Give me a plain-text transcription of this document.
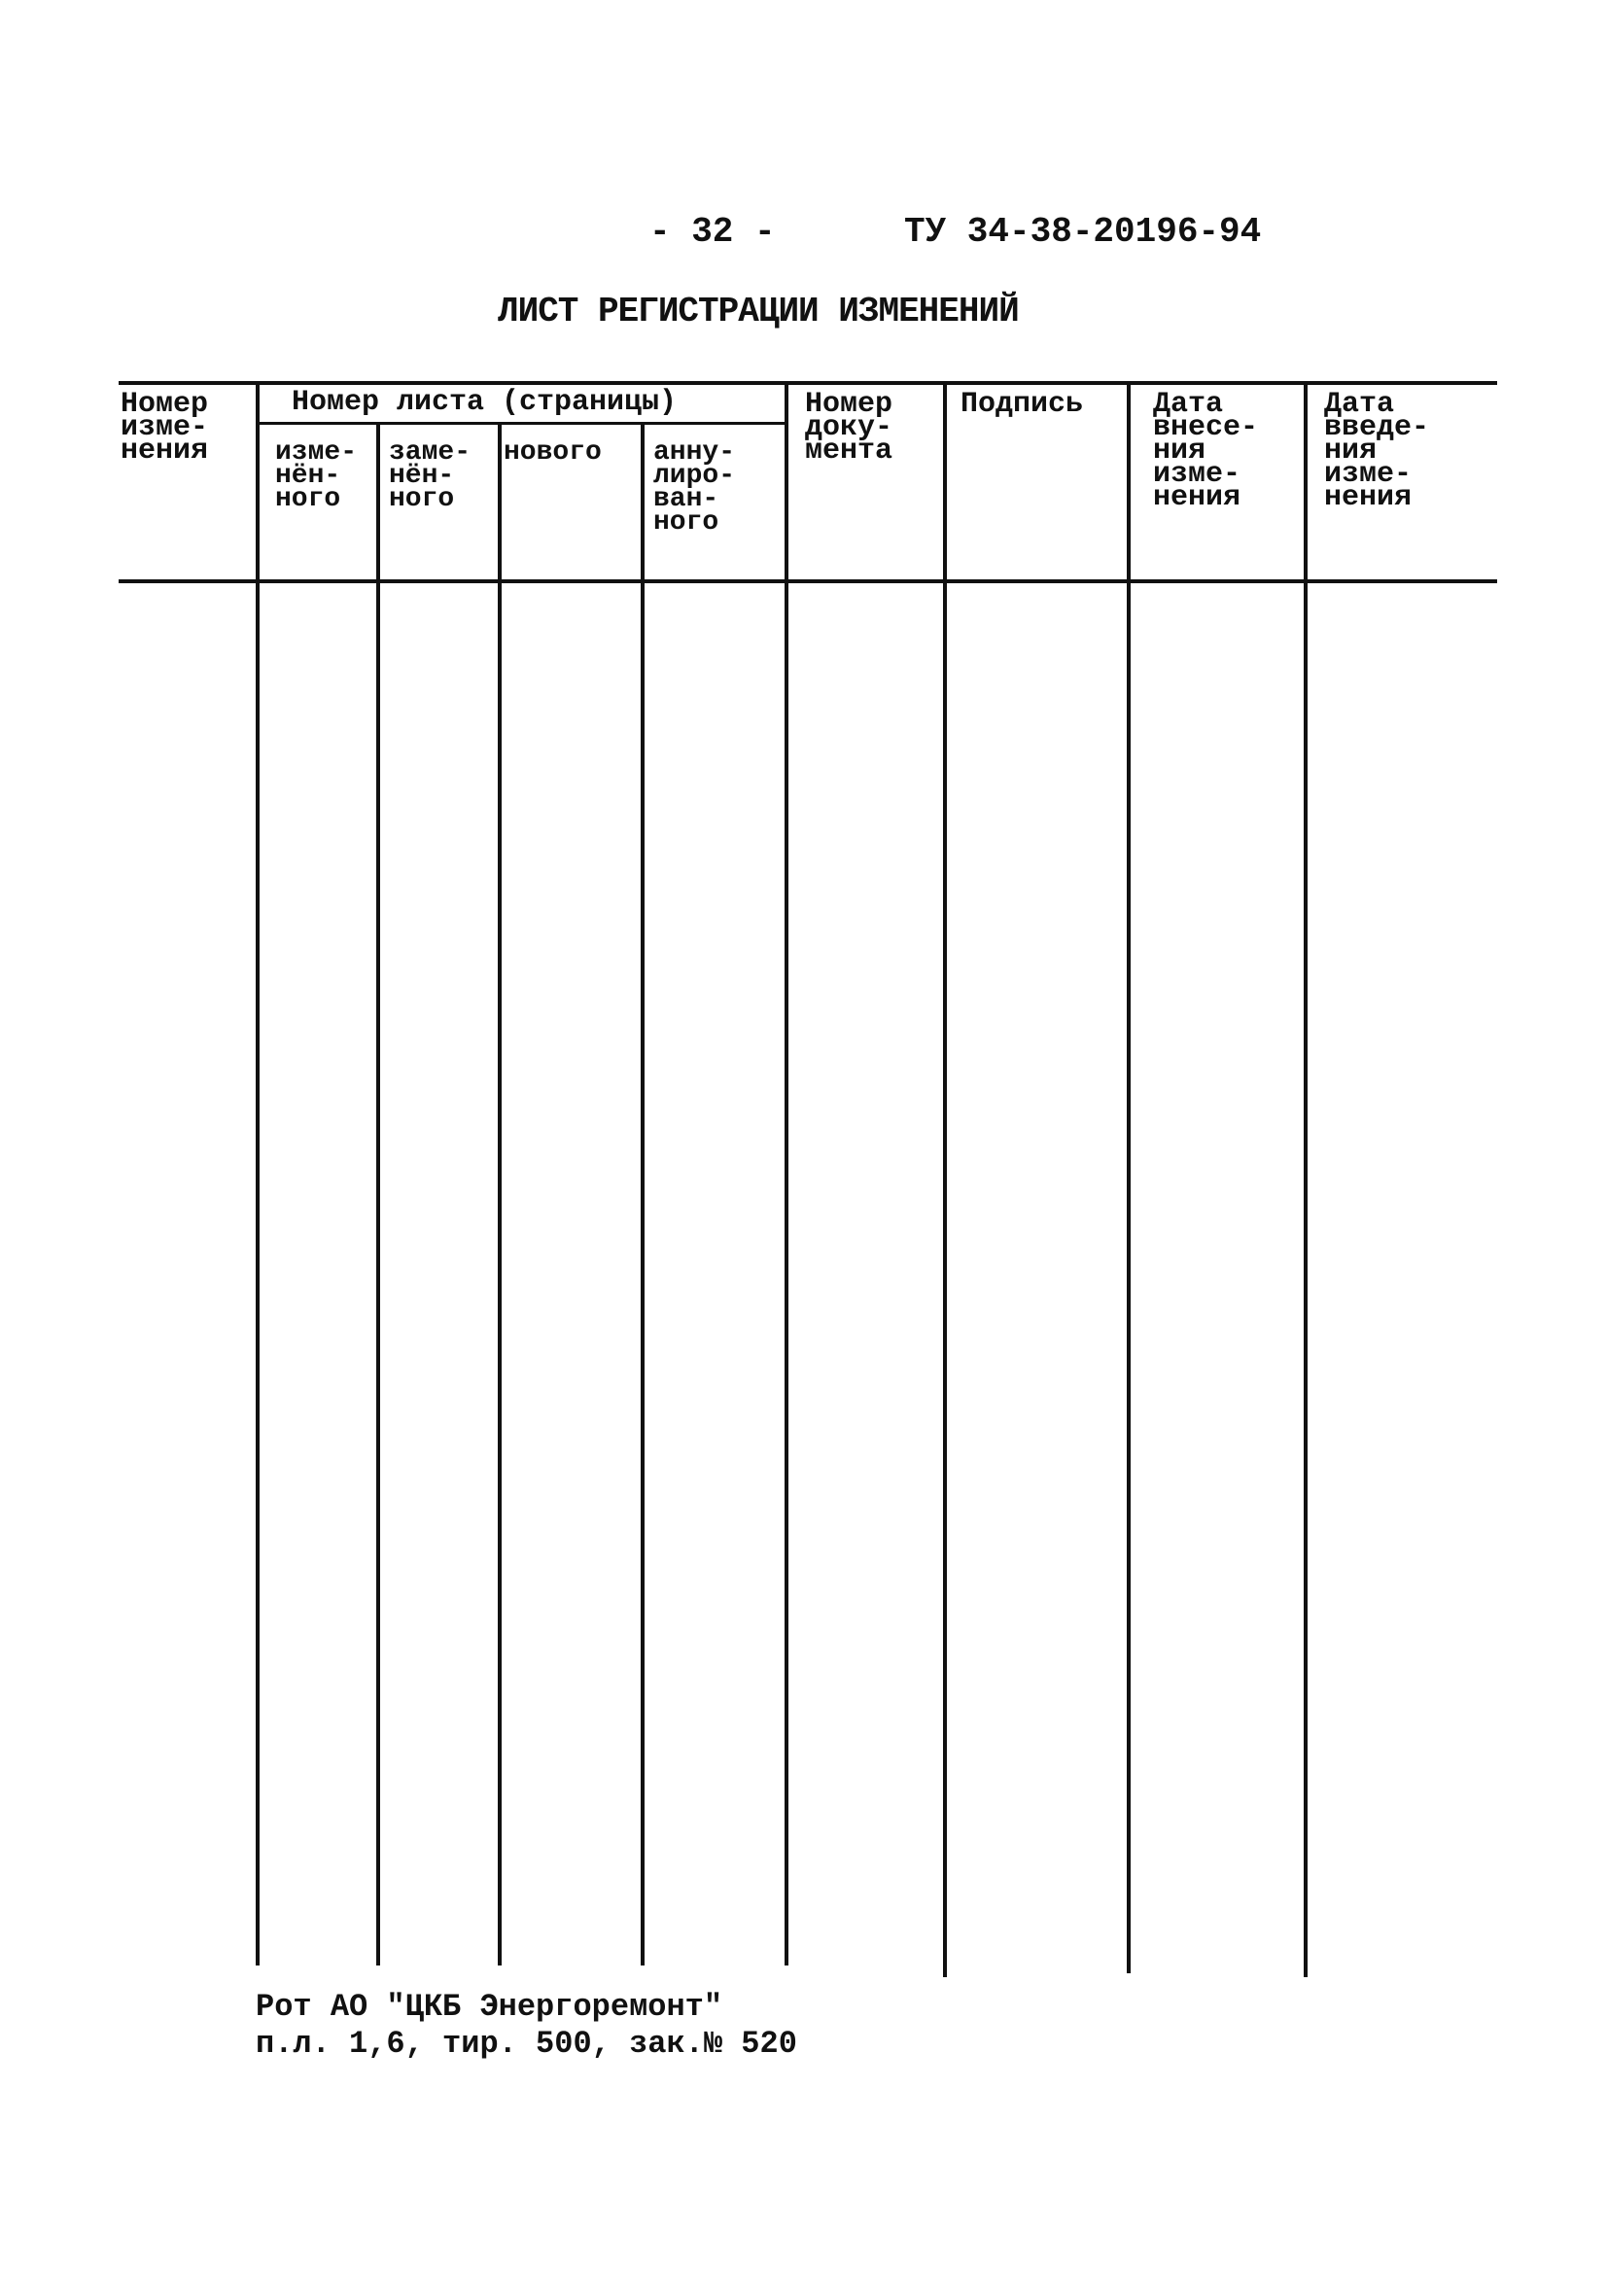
- 32 -	ТУ 34-38-20196-94
ЛИСТ РЕГИСТРАЦИИ ИЗМЕНЕНИЙ
Номер
изме-
нения
Номер листа (страницы)
изме-
нён-
ного
заме-
нён-
ного
нового анну-
лиро-
ван-
ного
Номер
доку-
мента
Подпись Дата
внесе-
ния
изме-
нения
Дата
введе-
ния
изме-
нения
Рот АО "ЦКБ Энергоремонт"
п.л. 1,6, тир. 500, зак.№ 520
